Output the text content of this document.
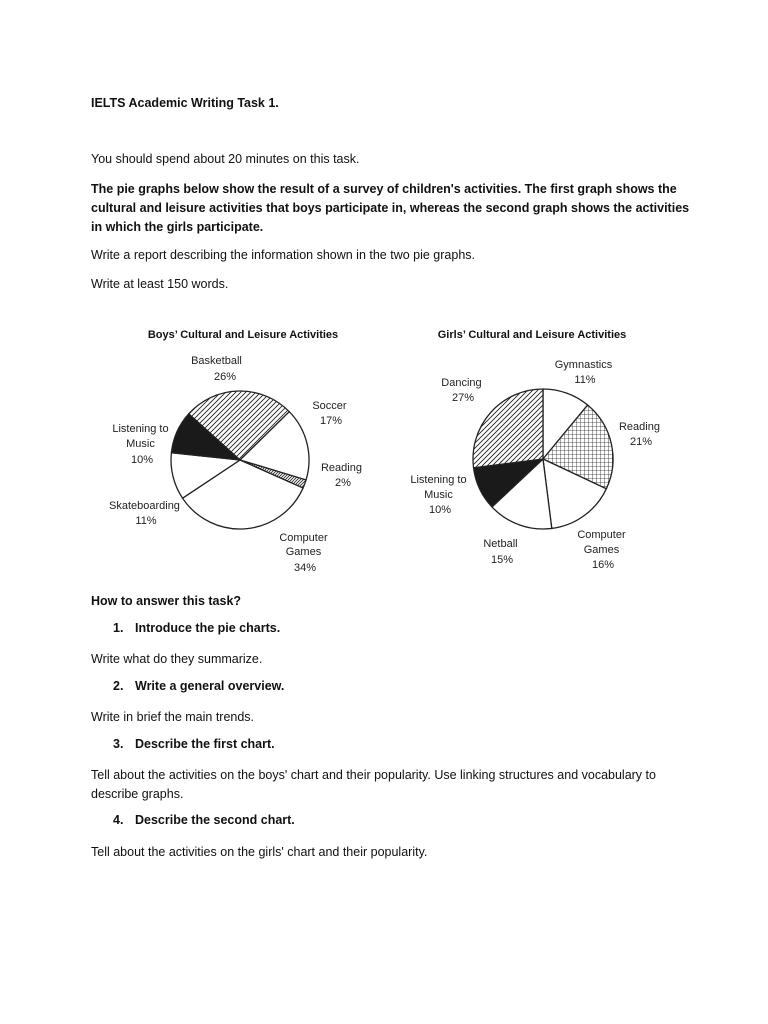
IELTS Academic Writing Task 1.
You should spend about 20 minutes on this task.
The pie graphs below show the result of a survey of children's activities. The first graph shows the cultural and leisure activities that boys participate in, whereas the second graph shows the activities in which the girls participate.
Write a report describing the information shown in the two pie graphs.
Write at least 150 words.
Boys’ Cultural and Leisure Activities
Basketball 26%
Soccer 17%
Reading 2%
Computer Games 34%
Skateboarding 11%
Listening to Music 10%
Girls’ Cultural and Leisure Activities
Gymnastics 11%
Reading 21%
Computer Games 16%
Netball 15%
Listening to Music 10%
Dancing 27%
How to answer this task?
1. Introduce the pie charts.
Write what do they summarize.
2. Write a general overview.
Write in brief the main trends.
3. Describe the first chart.
Tell about the activities on the boys' chart and their popularity. Use linking structures and vocabulary to describe graphs.
4. Describe the second chart.
Tell about the activities on the girls' chart and their popularity.
